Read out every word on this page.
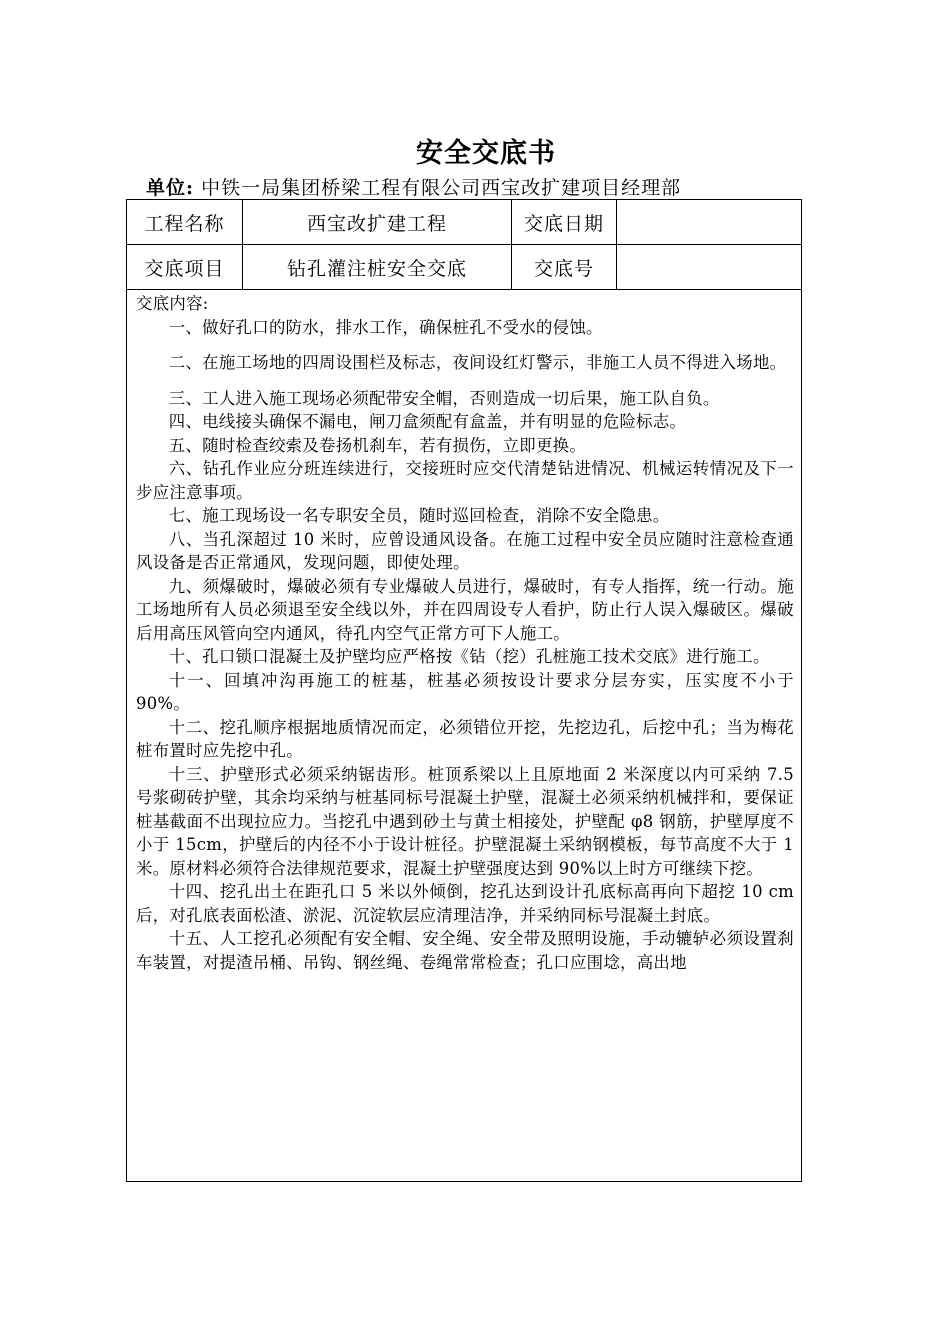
安全交底书
单位: 中铁一局集团桥梁工程有限公司西宝改扩建项目经理部
工程名称	西宝改扩建工程	交底日期
交底项目	钻孔灌注桩安全交底	交底号
交底内容:

一、做好孔口的防水，排水工作，确保桩孔不受水的侵蚀。

二、在施工场地的四周设围栏及标志，夜间设红灯警示，非施工人员不得进入场地。

三、工人进入施工现场必须配带安全帽，否则造成一切后果，施工队自负。

四、电线接头确保不漏电，闸刀盒须配有盒盖，并有明显的危险标志。

五、随时检查绞索及卷扬机刹车，若有损伤，立即更换。

六、钻孔作业应分班连续进行，交接班时应交代清楚钻进情况、机械运转情况及下一步应注意事项。

七、施工现场设一名专职安全员，随时巡回检查，消除不安全隐患。

八、当孔深超过 10 米时，应曾设通风设备。在施工过程中安全员应随时注意检查通风设备是否正常通风，发现问题，即使处理。

九、须爆破时，爆破必须有专业爆破人员进行，爆破时，有专人指挥，统一行动。施工场地所有人员必须退至安全线以外，并在四周设专人看护，防止行人误入爆破区。爆破后用高压风管向空内通风，待孔内空气正常方可下人施工。

十、孔口锁口混凝土及护壁均应严格按《钻（挖）孔桩施工技术交底》进行施工。

十一、回填冲沟再施工的桩基，桩基必须按设计要求分层夯实，压实度不小于 90%。

十二、挖孔顺序根据地质情况而定，必须错位开挖，先挖边孔，后挖中孔；当为梅花桩布置时应先挖中孔。

十三、护壁形式必须采纳锯齿形。桩顶系梁以上且原地面 2 米深度以内可采纳 7.5 号浆砌砖护壁，其余均采纳与桩基同标号混凝土护壁，混凝土必须采纳机械拌和，要保证桩基截面不出现拉应力。当挖孔中遇到砂土与黄土相接处，护壁配 φ8 钢筋，护壁厚度不小于 15cm，护壁后的内径不小于设计桩径。护壁混凝土采纳钢模板，每节高度不大于 1 米。原材料必须符合法律规范要求，混凝土护壁强度达到 90%以上时方可继续下挖。

十四、挖孔出土在距孔口 5 米以外倾倒，挖孔达到设计孔底标高再向下超挖 10 cm 后，对孔底表面松渣、淤泥、沉淀软层应清理洁净，并采纳同标号混凝土封底。

十五、人工挖孔必须配有安全帽、安全绳、安全带及照明设施，手动辘轳必须设置刹车装置，对提渣吊桶、吊钩、钢丝绳、卷绳常常检查；孔口应围埝，高出地
